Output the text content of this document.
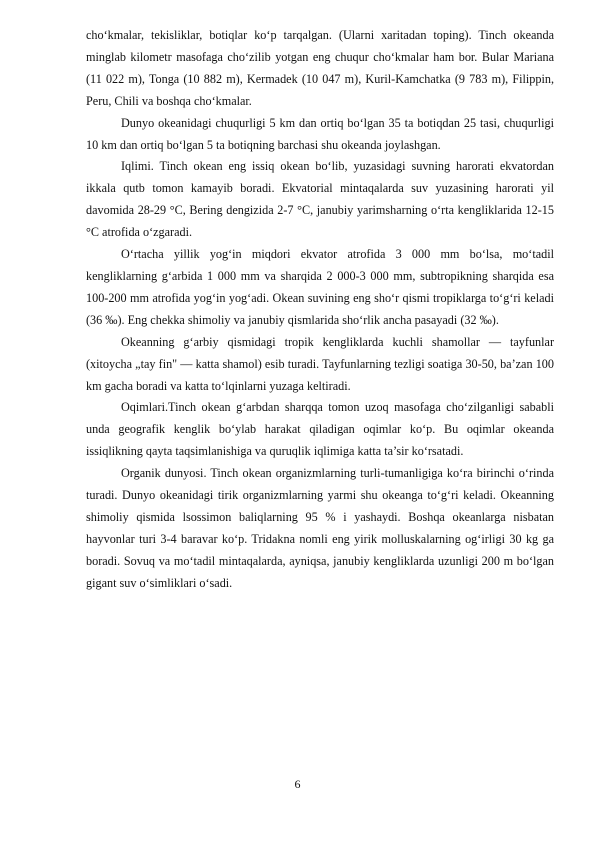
cho‘kmalar, tekisliklar, botiqlar ko‘p tarqalgan. (Ularni xaritadan toping). Tinch okeanda minglab kilometr masofaga cho‘zilib yotgan eng chuqur cho‘kmalar ham bor. Bular Mariana (11 022 m), Tonga (10 882 m), Kermadek (10 047 m), Kuril-Kamchatka (9 783 m), Filippin, Peru, Chili va boshqa cho‘kmalar.

Dunyo okeanidagi chuqurligi 5 km dan ortiq bo‘lgan 35 ta botiqdan 25 tasi, chuqurligi 10 km dan ortiq bo‘lgan 5 ta botiqning barchasi shu okeanda joylashgan.

Iqlimi. Tinch okean eng issiq okean bo‘lib, yuzasidagi suvning harorati ekvatordan ikkala qutb tomon kamayib boradi. Ekvatorial mintaqalarda suv yuzasining harorati yil davomida 28-29 °C, Bering dengizida 2-7 °C, janubiy yarimsharning o‘rta kengliklarida 12-15 °C atrofida o‘zgaradi.

O‘rtacha yillik yog‘in miqdori ekvator atrofida 3 000 mm bo‘lsa, mo‘tadil kengliklarning g‘arbida 1 000 mm va sharqida 2 000-3 000 mm, subtropikning sharqida esa 100-200 mm atrofida yog‘in yog‘adi. Okean suvining eng sho‘r qismi tropiklarga to‘g‘ri keladi (36 ‰). Eng chekka shimoliy va janubiy qismlarida sho‘rlik ancha pasayadi (32 ‰).

Okeanning g‘arbiy qismidagi tropik kengliklarda kuchli shamollar — tayfunlar (xitoycha „tay fin" — katta shamol) esib turadi. Tayfunlarning tezligi soatiga 30-50, ba’zan 100 km gacha boradi va katta to‘lqinlarni yuzaga keltiradi.

Oqimlari.Tinch okean g‘arbdan sharqqa tomon uzoq masofaga cho‘zilganligi sababli unda geografik kenglik bo‘ylab harakat qiladigan oqimlar ko‘p. Bu oqimlar okeanda issiqlikning qayta taqsimlanishiga va quruqlik iqlimiga katta ta’sir ko‘rsatadi.

Organik dunyosi. Tinch okean organizmlarning turli-tumanligiga ko‘ra birinchi o‘rinda turadi. Dunyo okeanidagi tirik organizmlarning yarmi shu okeanga to‘g‘ri keladi. Okeanning shimoliy qismida lsossimon baliqlarning 95 % i yashaydi. Boshqa okeanlarga nisbatan hayvonlar turi 3-4 baravar ko‘p. Tridakna nomli eng yirik molluskalarning og‘irligi 30 kg ga boradi. Sovuq va mo‘tadil mintaqalarda, ayniqsa, janubiy kengliklarda uzunligi 200 m bo‘lgan gigant suv o‘simliklari o‘sadi.

6
